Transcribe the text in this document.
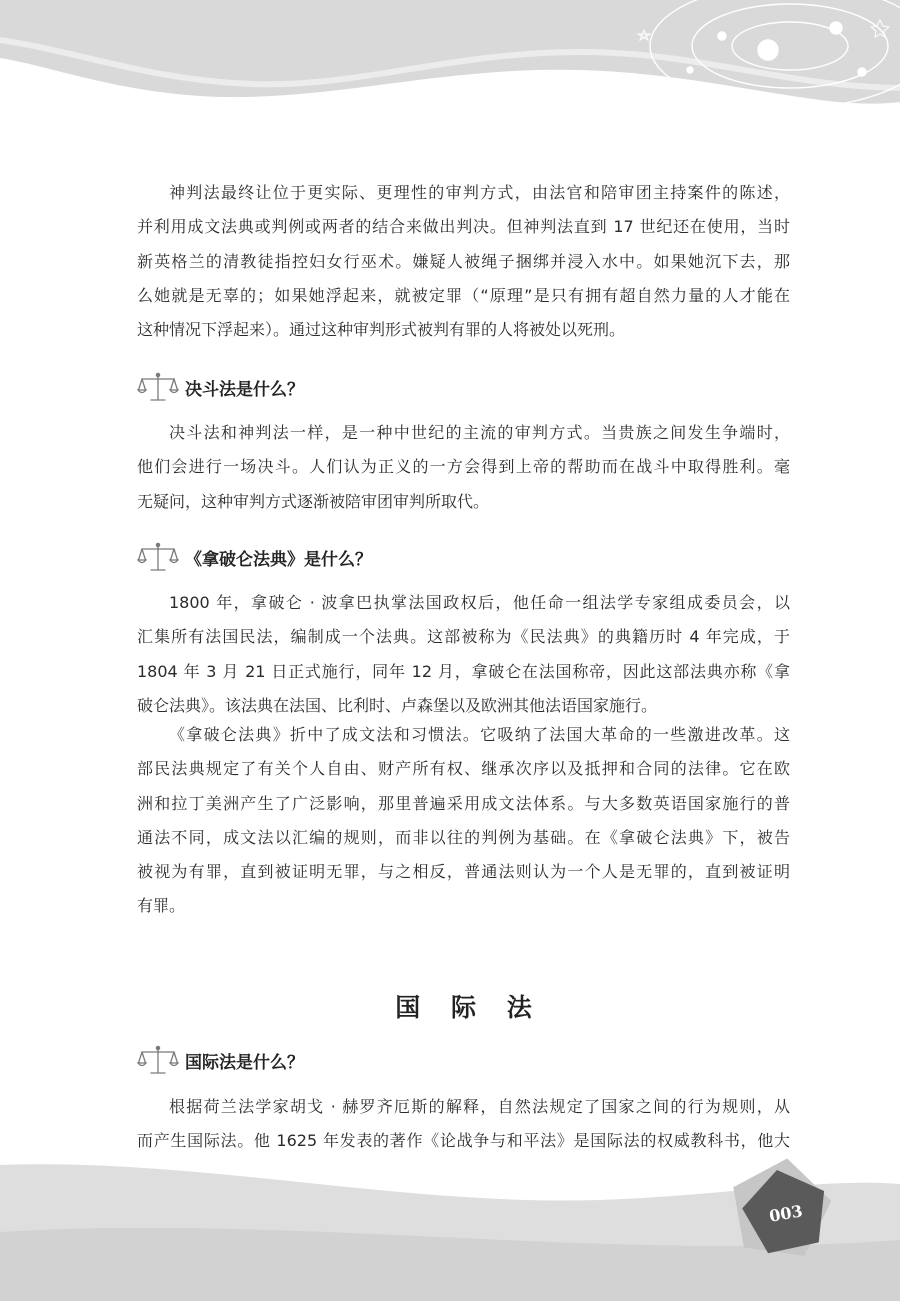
003
神判法最终让位于更实际、更理性的审判方式，由法官和陪审团主持案件的陈述，
并利用成文法典或判例或两者的结合来做出判决。但神判法直到 17 世纪还在使用，当时
新英格兰的清教徒指控妇女行巫术。嫌疑人被绳子捆绑并浸入水中。如果她沉下去，那
么她就是无辜的；如果她浮起来，就被定罪（“原理”是只有拥有超自然力量的人才能在
这种情况下浮起来）。通过这种审判形式被判有罪的人将被处以死刑。
决斗法是什么？
决斗法和神判法一样，是一种中世纪的主流的审判方式。当贵族之间发生争端时，
他们会进行一场决斗。人们认为正义的一方会得到上帝的帮助而在战斗中取得胜利。毫
无疑问，这种审判方式逐渐被陪审团审判所取代。
《拿破仑法典》是什么？
1800 年，拿破仑 · 波拿巴执掌法国政权后，他任命一组法学专家组成委员会，以
汇集所有法国民法，编制成一个法典。这部被称为《民法典》的典籍历时 4 年完成，于
1804 年 3 月 21 日正式施行，同年 12 月，拿破仑在法国称帝，因此这部法典亦称《拿
破仑法典》。该法典在法国、比利时、卢森堡以及欧洲其他法语国家施行。
《拿破仑法典》折中了成文法和习惯法。它吸纳了法国大革命的一些激进改革。这
部民法典规定了有关个人自由、财产所有权、继承次序以及抵押和合同的法律。它在欧
洲和拉丁美洲产生了广泛影响，那里普遍采用成文法体系。与大多数英语国家施行的普
通法不同，成文法以汇编的规则，而非以往的判例为基础。在《拿破仑法典》下，被告
被视为有罪，直到被证明无罪，与之相反，普通法则认为一个人是无罪的，直到被证明
有罪。
国 际 法
国际法是什么？
根据荷兰法学家胡戈 · 赫罗齐厄斯的解释，自然法规定了国家之间的行为规则，从
而产生国际法。他 1625 年发表的著作《论战争与和平法》是国际法的权威教科书，他大
